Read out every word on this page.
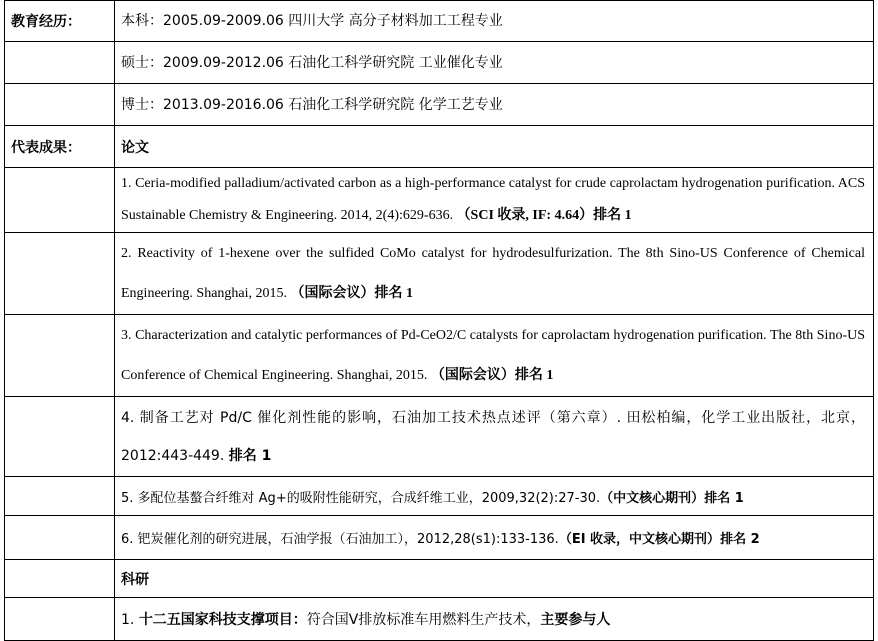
教育经历：	本科：2005.09-2009.06 四川大学 高分子材料加工工程专业
	硕士：2009.09-2012.06 石油化工科学研究院 工业催化专业
	博士：2013.09-2016.06 石油化工科学研究院 化学工艺专业
代表成果：	论文
	1. Ceria-modified palladium/activated carbon as a high-performance catalyst for crude caprolactam hydrogenation purification. ACS Sustainable Chemistry & Engineering. 2014, 2(4):629-636. （SCI 收录, IF: 4.64）排名 1
	2. Reactivity of 1-hexene over the sulfided CoMo catalyst for hydrodesulfurization. The 8th Sino-US Conference of Chemical Engineering. Shanghai, 2015. （国际会议）排名 1
	3. Characterization and catalytic performances of Pd-CeO2/C catalysts for caprolactam hydrogenation purification. The 8th Sino-US Conference of Chemical Engineering. Shanghai, 2015. （国际会议）排名 1
	4. 制备工艺对 Pd/C 催化剂性能的影响，石油加工技术热点述评（第六章）. 田松柏编，化学工业出版社，北京，2012:443-449. 排名 1
	5. 多配位基螯合纤维对 Ag+的吸附性能研究，合成纤维工业，2009,32(2):27-30.（中文核心期刊）排名 1
	6. 钯炭催化剂的研究进展，石油学报（石油加工），2012,28(s1):133-136.（EI 收录，中文核心期刊）排名 2
	科研
	1. 十二五国家科技支撑项目：符合国Ⅴ排放标准车用燃料生产技术，主要参与人
